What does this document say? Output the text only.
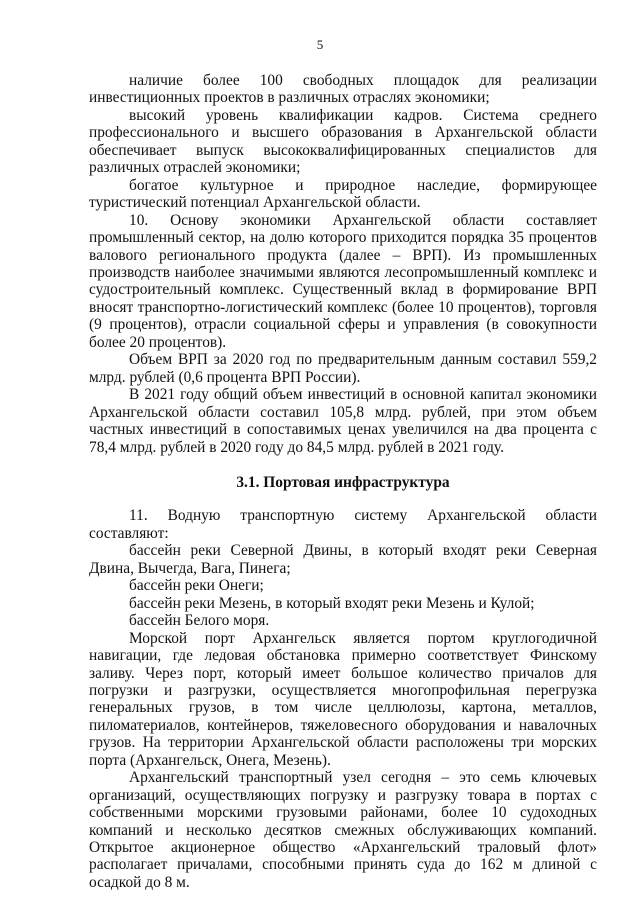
5

наличие более 100 свободных площадок для реализации инвестиционных проектов в различных отраслях экономики;

высокий уровень квалификации кадров. Система среднего профессионального и высшего образования в Архангельской области обеспечивает выпуск высококвалифицированных специалистов для различных отраслей экономики;

богатое культурное и природное наследие, формирующее туристический потенциал Архангельской области.

10. Основу экономики Архангельской области составляет промышленный сектор, на долю которого приходится порядка 35 процентов валового регионального продукта (далее – ВРП). Из промышленных производств наиболее значимыми являются лесопромышленный комплекс и судостроительный комплекс. Существенный вклад в формирование ВРП вносят транспортно-логистический комплекс (более 10 процентов), торговля (9 процентов), отрасли социальной сферы и управления (в совокупности более 20 процентов).

Объем ВРП за 2020 год по предварительным данным составил 559,2 млрд. рублей (0,6 процента ВРП России).

В 2021 году общий объем инвестиций в основной капитал экономики Архангельской области составил 105,8 млрд. рублей, при этом объем частных инвестиций в сопоставимых ценах увеличился на два процента с 78,4 млрд. рублей в 2020 году до 84,5 млрд. рублей в 2021 году.

3.1. Портовая инфраструктура

11. Водную транспортную систему Архангельской области составляют:

бассейн реки Северной Двины, в который входят реки Северная Двина, Вычегда, Вага, Пинега;

бассейн реки Онеги;

бассейн реки Мезень, в который входят реки Мезень и Кулой;

бассейн Белого моря.

Морской порт Архангельск является портом круглогодичной навигации, где ледовая обстановка примерно соответствует Финскому заливу. Через порт, который имеет большое количество причалов для погрузки и разгрузки, осуществляется многопрофильная перегрузка генеральных грузов, в том числе целлюлозы, картона, металлов, пиломатериалов, контейнеров, тяжеловесного оборудования и навалочных грузов. На территории Архангельской области расположены три морских порта (Архангельск, Онега, Мезень).

Архангельский транспортный узел сегодня – это семь ключевых организаций, осуществляющих погрузку и разгрузку товара в портах с собственными морскими грузовыми районами, более 10 судоходных компаний и несколько десятков смежных обслуживающих компаний. Открытое акционерное общество «Архангельский траловый флот» располагает причалами, способными принять суда до 162 м длиной с осадкой до 8 м.
